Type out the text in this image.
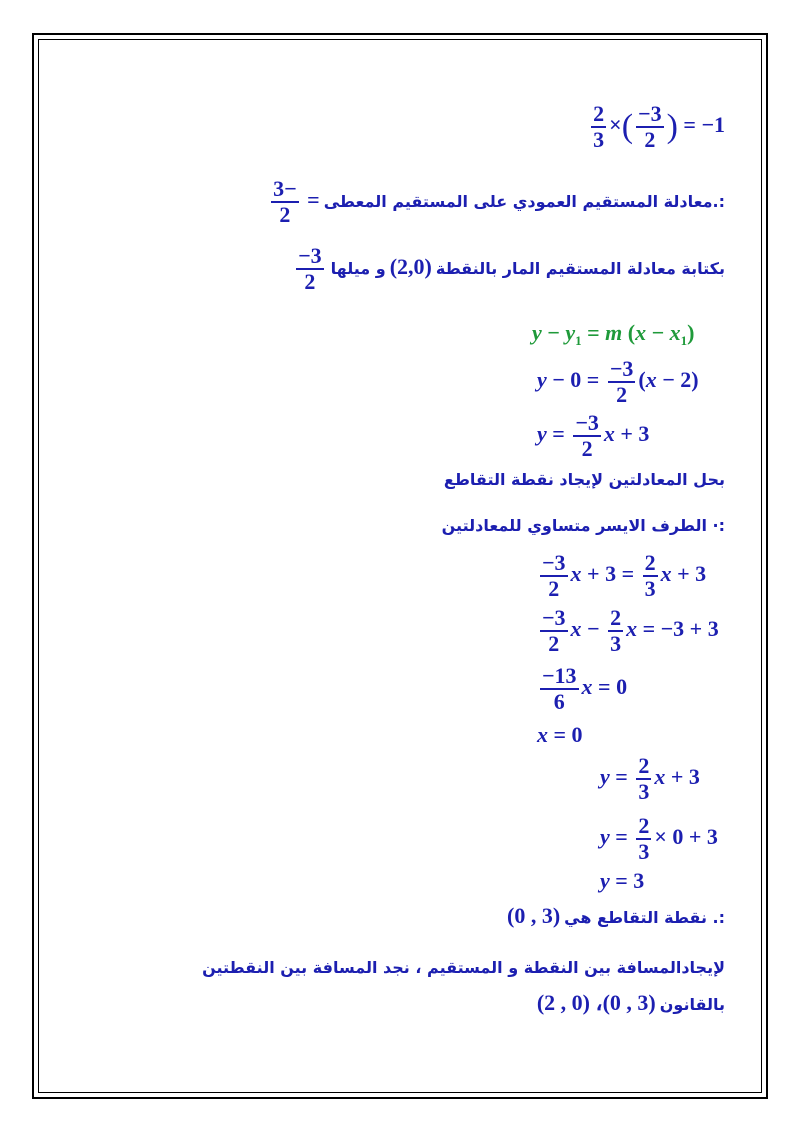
$\frac{2}{3}$ ×( $\frac{-3}{2}$ ) = −1
:.معادلة المستقيم العمودي على المستقيم المعطى =
$\frac{-3}{2}$
بكتابة معادلة المستقيم المار بالنقطة (2,0) و ميلها
$\frac{-3}{2}$
$y - y_1 = m$ $(x - x_1)$
$y - 0 = \frac{-3}{2} (x - 2)$
$y = \frac{-3}{2}$ x + 3
بحل المعادلتين لإيجاد نقطة التقاطع
:· الطرف الايسر متساوي للمعادلتين
$\frac{-3}{2}$ $x + 3 = \frac{2}{3}$ x + 3
$\frac{-3}{2}$ $x - \frac{2}{3}$ x = −3 + 3
$\frac{-13}{6}$ x = 0
x = 0
$y = \frac{2}{3}$ x + 3
$y = \frac{2}{3} \times 0 + 3$
y = 3
:. نقطة التقاطع هي (0 , 3)
لإيجادالمسافة بين النقطة و المستقيم ، نجد المسافة بين النقطتين
بالقانون (2 , 0) ،(0 , 3)
